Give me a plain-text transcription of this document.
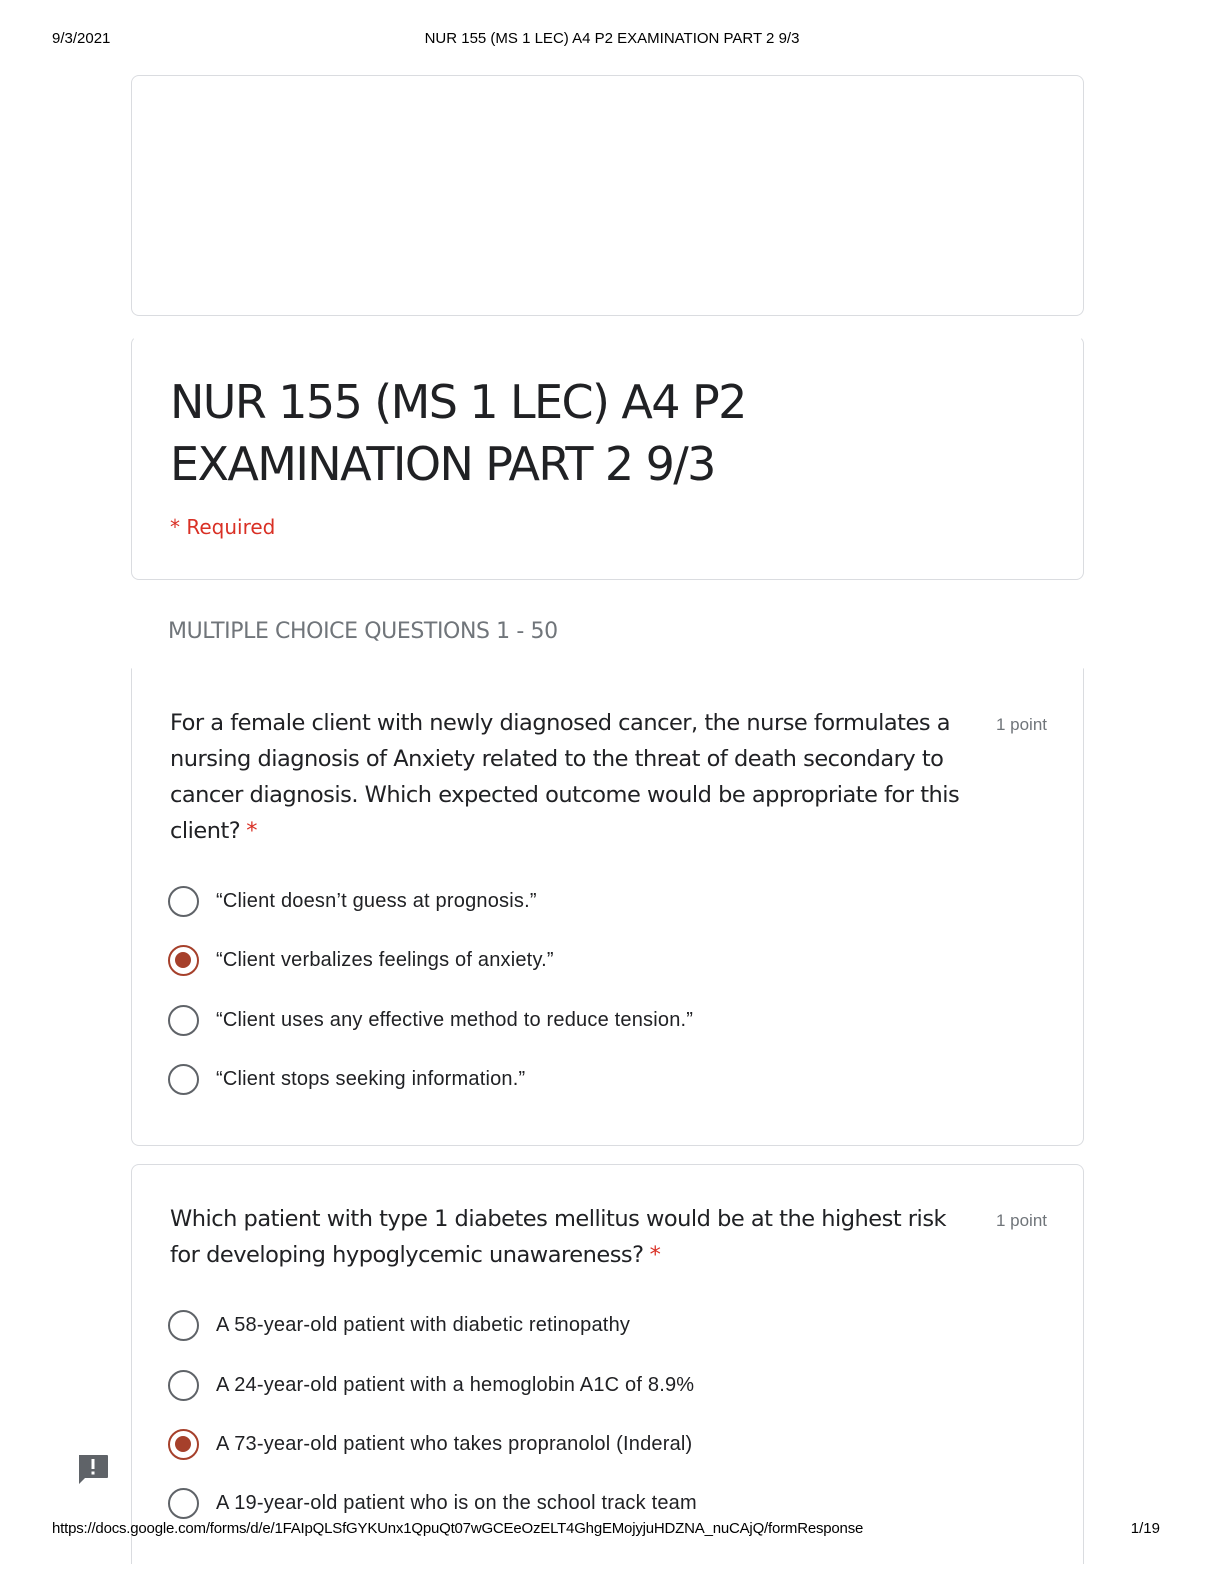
9/3/2021	NUR 155 (MS 1 LEC) A4 P2 EXAMINATION PART 2 9/3
NUR 155 (MS 1 LEC) A4 P2 EXAMINATION PART 2 9/3
* Required
MULTIPLE CHOICE QUESTIONS 1 - 50
For a female client with newly diagnosed cancer, the nurse formulates a nursing diagnosis of Anxiety related to the threat of death secondary to cancer diagnosis. Which expected outcome would be appropriate for this client? *
1 point
“Client doesn’t guess at prognosis.”
“Client verbalizes feelings of anxiety.”
“Client uses any effective method to reduce tension.”
“Client stops seeking information.”
Which patient with type 1 diabetes mellitus would be at the highest risk for developing hypoglycemic unawareness? *
1 point
A 58-year-old patient with diabetic retinopathy
A 24-year-old patient with a hemoglobin A1C of 8.9%
A 73-year-old patient who takes propranolol (Inderal)
A 19-year-old patient who is on the school track team
https://docs.google.com/forms/d/e/1FAIpQLSfGYKUnx1QpuQt07wGCEeOzELT4GhgEMojyjuHDZNA_nuCAjQ/formResponse	1/19
